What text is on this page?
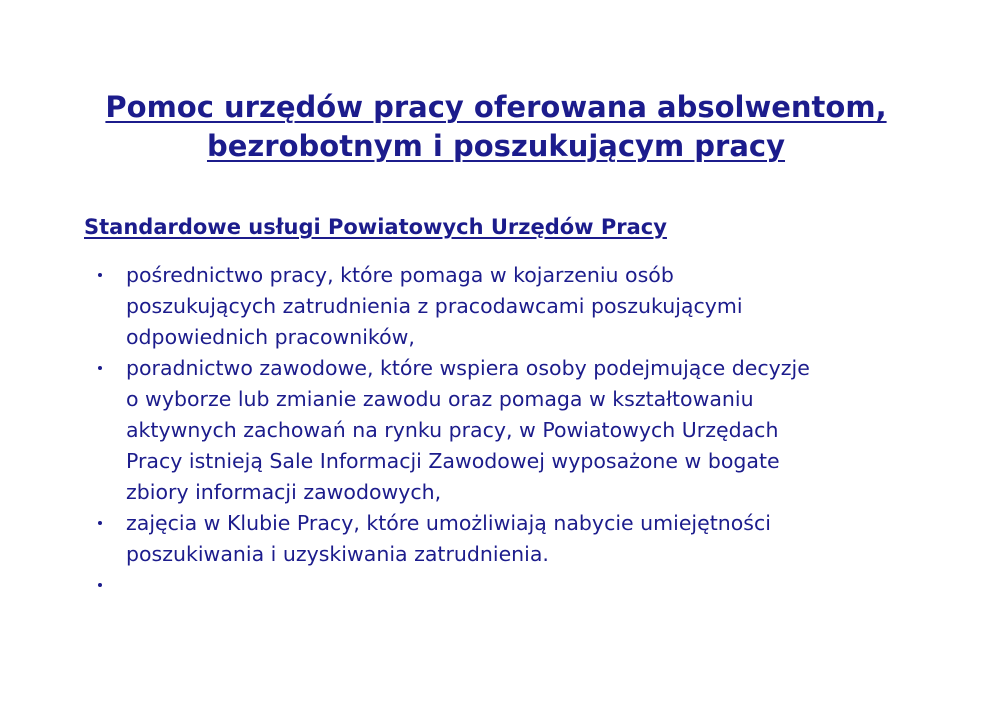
Pomoc urzędów pracy oferowana absolwentom,
bezrobotnym i poszukującym pracy
Standardowe usługi Powiatowych Urzędów Pracy
pośrednictwo pracy, które pomaga w kojarzeniu osób
poszukujących zatrudnienia z pracodawcami poszukującymi
odpowiednich pracowników,
poradnictwo zawodowe, które wspiera osoby podejmujące decyzje
o wyborze lub zmianie zawodu oraz pomaga w kształtowaniu
aktywnych zachowań na rynku pracy, w Powiatowych Urzędach
Pracy istnieją Sale Informacji Zawodowej wyposażone w bogate
zbiory informacji zawodowych,
zajęcia w Klubie Pracy, które umożliwiają nabycie umiejętności
poszukiwania i uzyskiwania zatrudnienia.
